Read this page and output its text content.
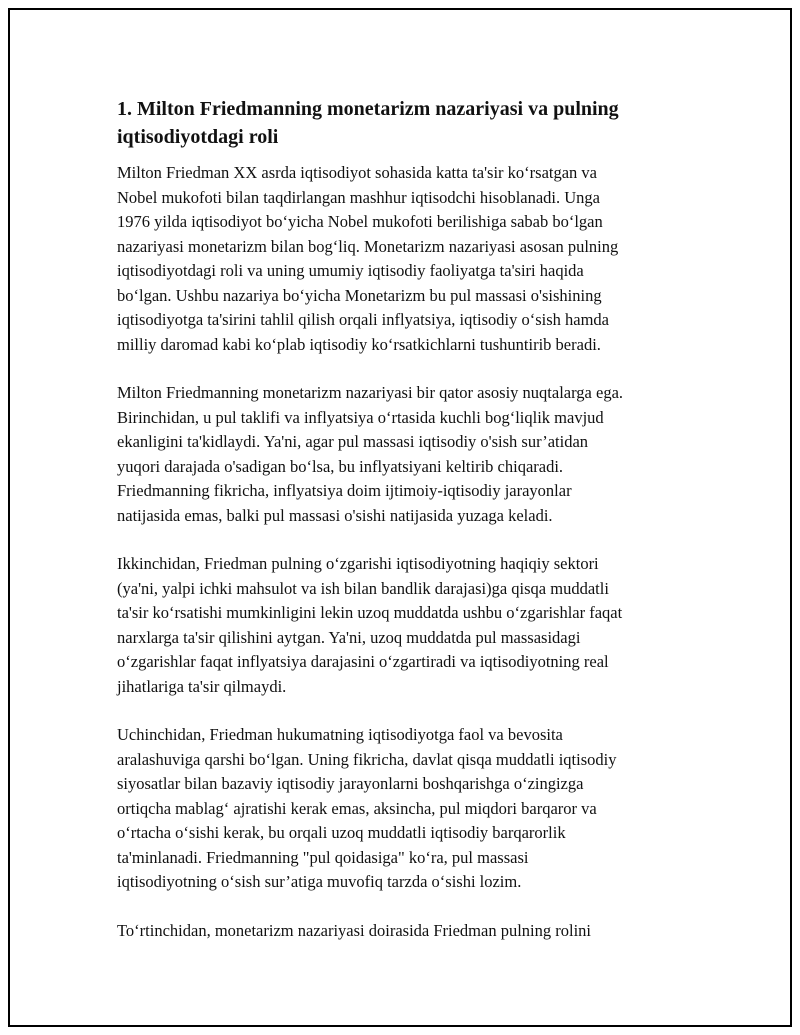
1. Milton Friedmanning monetarizm nazariyasi va pulning
iqtisodiyotdagi roli

Milton Friedman XX asrda iqtisodiyot sohasida katta ta'sir ko‘rsatgan va
Nobel mukofoti bilan taqdirlangan mashhur iqtisodchi hisoblanadi. Unga
1976 yilda iqtisodiyot bo‘yicha Nobel mukofoti berilishiga sabab bo‘lgan
nazariyasi monetarizm bilan bog‘liq. Monetarizm nazariyasi asosan pulning
iqtisodiyotdagi roli va uning umumiy iqtisodiy faoliyatga ta'siri haqida
bo‘lgan. Ushbu nazariya bo‘yicha Monetarizm bu pul massasi o'sishining
iqtisodiyotga ta'sirini tahlil qilish orqali inflyatsiya, iqtisodiy o‘sish hamda
milliy daromad kabi ko‘plab iqtisodiy ko‘rsatkichlarni tushuntirib beradi.

Milton Friedmanning monetarizm nazariyasi bir qator asosiy nuqtalarga ega.
Birinchidan, u pul taklifi va inflyatsiya o‘rtasida kuchli bog‘liqlik mavjud
ekanligini ta'kidlaydi. Ya'ni, agar pul massasi iqtisodiy o'sish sur’atidan
yuqori darajada o'sadigan bo‘lsa, bu inflyatsiyani keltirib chiqaradi.
Friedmanning fikricha, inflyatsiya doim ijtimoiy-iqtisodiy jarayonlar
natijasida emas, balki pul massasi o'sishi natijasida yuzaga keladi.

Ikkinchidan, Friedman pulning o‘zgarishi iqtisodiyotning haqiqiy sektori
(ya'ni, yalpi ichki mahsulot va ish bilan bandlik darajasi)ga qisqa muddatli
ta'sir ko‘rsatishi mumkinligini lekin uzoq muddatda ushbu o‘zgarishlar faqat
narxlarga ta'sir qilishini aytgan. Ya'ni, uzoq muddatda pul massasidagi
o‘zgarishlar faqat inflyatsiya darajasini o‘zgartiradi va iqtisodiyotning real
jihatlariga ta'sir qilmaydi.

Uchinchidan, Friedman hukumatning iqtisodiyotga faol va bevosita
aralashuviga qarshi bo‘lgan. Uning fikricha, davlat qisqa muddatli iqtisodiy
siyosatlar bilan bazaviy iqtisodiy jarayonlarni boshqarishga o‘zingizga
ortiqcha mablag‘ ajratishi kerak emas, aksincha, pul miqdori barqaror va
o‘rtacha o‘sishi kerak, bu orqali uzoq muddatli iqtisodiy barqarorlik
ta'minlanadi. Friedmanning "pul qoidasiga" ko‘ra, pul massasi
iqtisodiyotning o‘sish sur’atiga muvofiq tarzda o‘sishi lozim.

To‘rtinchidan, monetarizm nazariyasi doirasida Friedman pulning rolini
